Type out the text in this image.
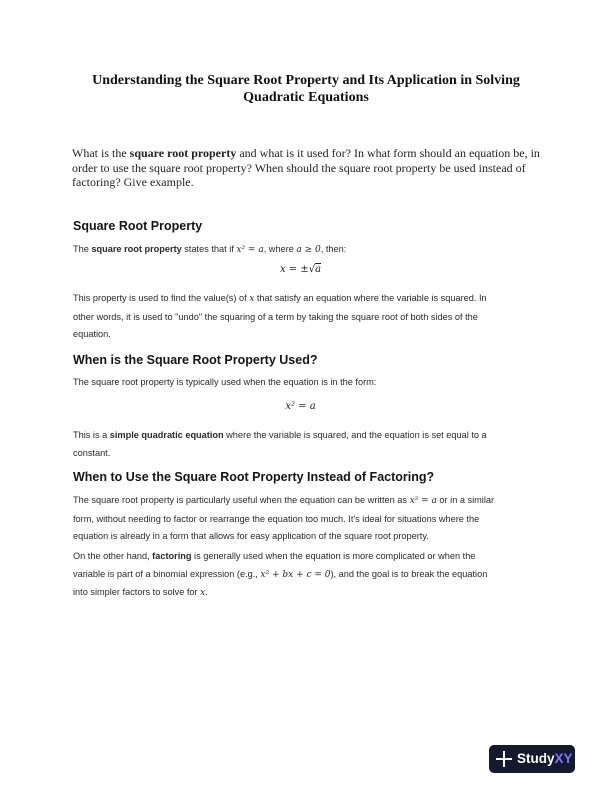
Understanding the Square Root Property and Its Application in Solving Quadratic Equations
What is the square root property and what is it used for? In what form should an equation be, in order to use the square root property? When should the square root property be used instead of factoring? Give example.
Square Root Property
The square root property states that if x² = a, where a ≥ 0, then:
x = ±√a
This property is used to find the value(s) of x that satisfy an equation where the variable is squared. In other words, it is used to "undo" the squaring of a term by taking the square root of both sides of the equation.
When is the Square Root Property Used?
The square root property is typically used when the equation is in the form:
x² = a
This is a simple quadratic equation where the variable is squared, and the equation is set equal to a constant.
When to Use the Square Root Property Instead of Factoring?
The square root property is particularly useful when the equation can be written as x² = a or in a similar form, without needing to factor or rearrange the equation too much. It's ideal for situations where the equation is already in a form that allows for easy application of the square root property.
On the other hand, factoring is generally used when the equation is more complicated or when the variable is part of a binomial expression (e.g., x² + bx + c = 0), and the goal is to break the equation into simpler factors to solve for x.
StudyXY
